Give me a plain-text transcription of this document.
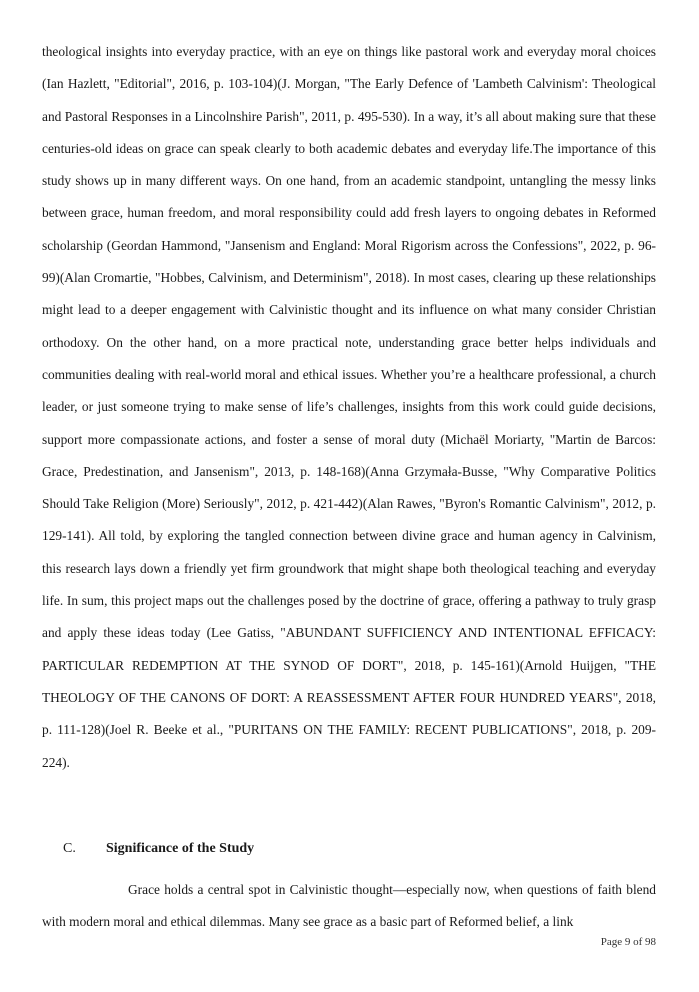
theological insights into everyday practice, with an eye on things like pastoral work and everyday moral choices (Ian Hazlett, "Editorial", 2016, p. 103-104)(J. Morgan, "The Early Defence of 'Lambeth Calvinism': Theological and Pastoral Responses in a Lincolnshire Parish", 2011, p. 495-530). In a way, it’s all about making sure that these centuries-old ideas on grace can speak clearly to both academic debates and everyday life.The importance of this study shows up in many different ways. On one hand, from an academic standpoint, untangling the messy links between grace, human freedom, and moral responsibility could add fresh layers to ongoing debates in Reformed scholarship (Geordan Hammond, "Jansenism and England: Moral Rigorism across the Confessions", 2022, p. 96-99)(Alan Cromartie, "Hobbes, Calvinism, and Determinism", 2018). In most cases, clearing up these relationships might lead to a deeper engagement with Calvinistic thought and its influence on what many consider Christian orthodoxy. On the other hand, on a more practical note, understanding grace better helps individuals and communities dealing with real-world moral and ethical issues. Whether you’re a healthcare professional, a church leader, or just someone trying to make sense of life’s challenges, insights from this work could guide decisions, support more compassionate actions, and foster a sense of moral duty (Michaël Moriarty, "Martin de Barcos: Grace, Predestination, and Jansenism", 2013, p. 148-168)(Anna Grzymała-Busse, "Why Comparative Politics Should Take Religion (More) Seriously", 2012, p. 421-442)(Alan Rawes, "Byron's Romantic Calvinism", 2012, p. 129-141). All told, by exploring the tangled connection between divine grace and human agency in Calvinism, this research lays down a friendly yet firm groundwork that might shape both theological teaching and everyday life. In sum, this project maps out the challenges posed by the doctrine of grace, offering a pathway to truly grasp and apply these ideas today (Lee Gatiss, "ABUNDANT SUFFICIENCY AND INTENTIONAL EFFICACY: PARTICULAR REDEMPTION AT THE SYNOD OF DORT", 2018, p. 145-161)(Arnold Huijgen, "THE THEOLOGY OF THE CANONS OF DORT: A REASSESSMENT AFTER FOUR HUNDRED YEARS", 2018, p. 111-128)(Joel R. Beeke et al., "PURITANS ON THE FAMILY: RECENT PUBLICATIONS", 2018, p. 209-224).

C.	Significance of the Study

Grace holds a central spot in Calvinistic thought—especially now, when questions of faith blend with modern moral and ethical dilemmas. Many see grace as a basic part of Reformed belief, a link

Page 9 of 98
